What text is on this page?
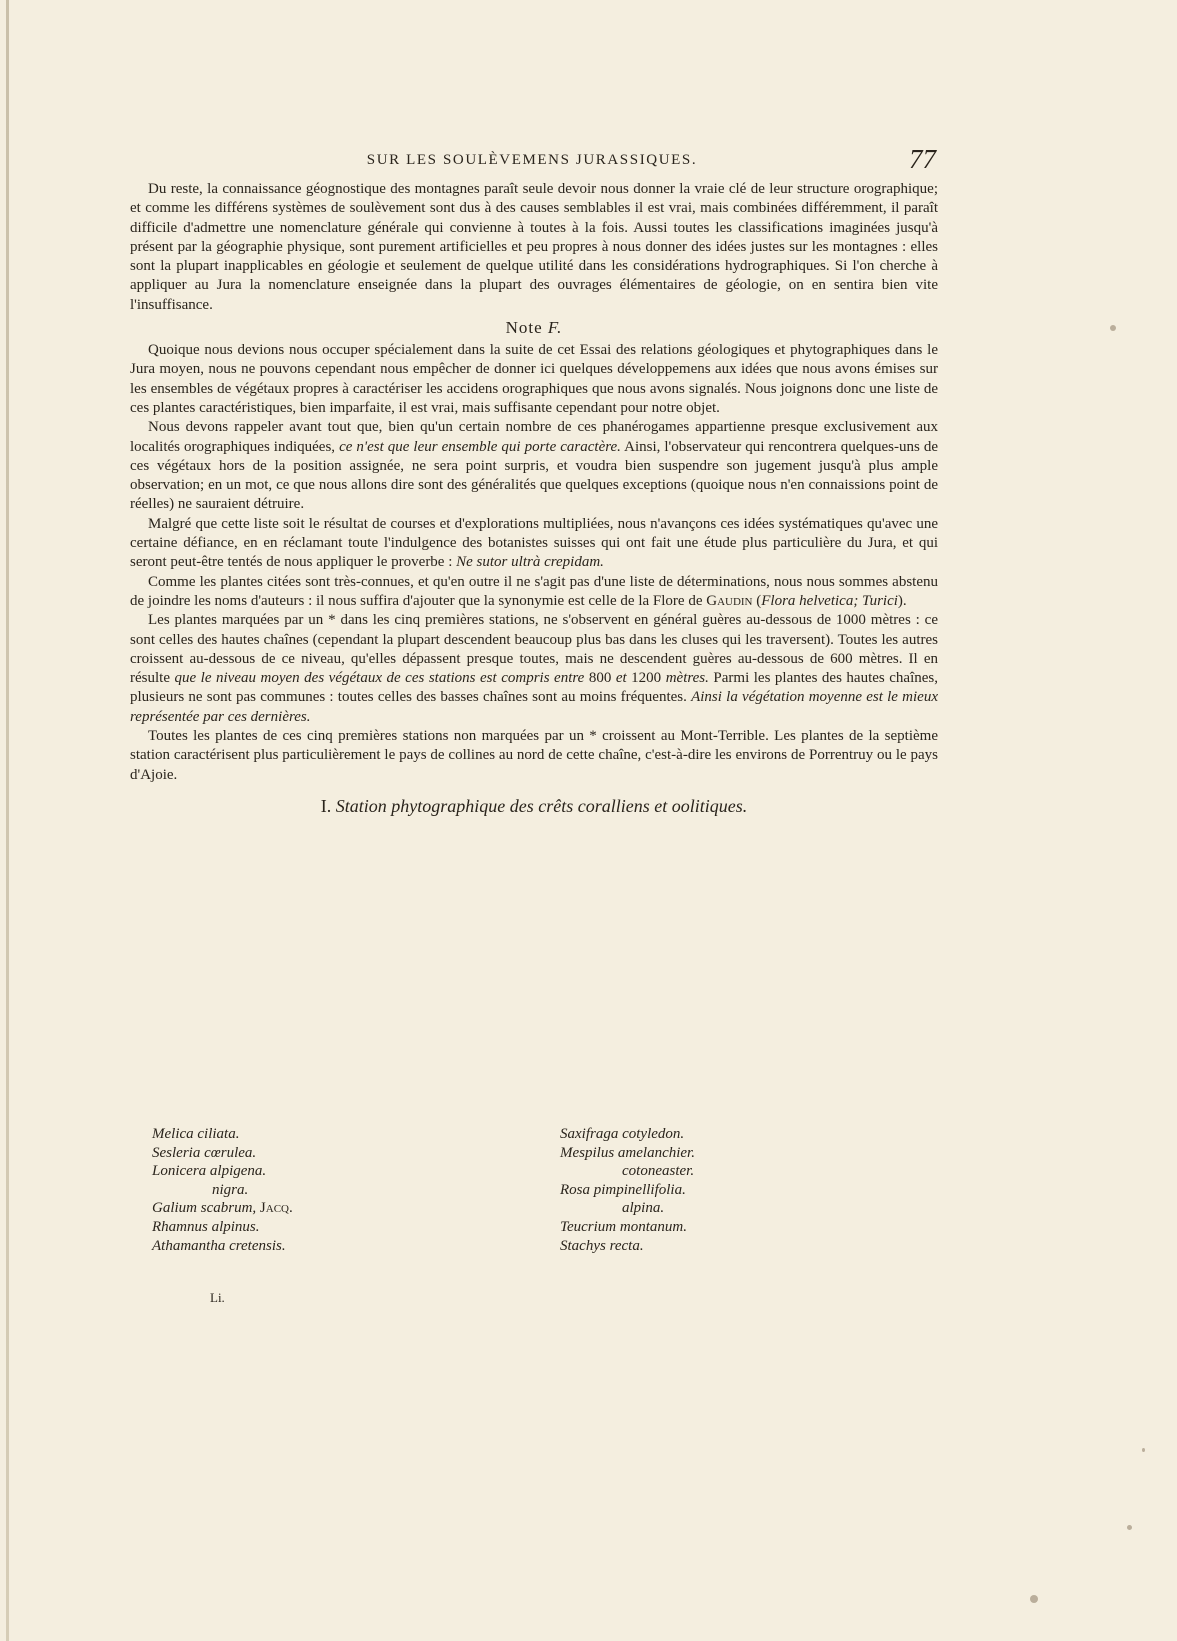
SUR LES SOULÈVEMENS JURASSIQUES.	77

Du reste, la connaissance géognostique des montagnes paraît seule devoir nous donner la vraie clé de leur structure orographique; et comme les différens systèmes de soulèvement sont dus à des causes semblables il est vrai, mais combinées différemment, il paraît difficile d'admettre une nomenclature générale qui convienne à toutes à la fois. Aussi toutes les classifications imaginées jusqu'à présent par la géographie physique, sont purement artificielles et peu propres à nous donner des idées justes sur les montagnes : elles sont la plupart inapplicables en géologie et seulement de quelque utilité dans les considérations hydrographiques. Si l'on cherche à appliquer au Jura la nomenclature enseignée dans la plupart des ouvrages élémentaires de géologie, on en sentira bien vite l'insuffisance.

Note F.

Quoique nous devions nous occuper spécialement dans la suite de cet Essai des relations géologiques et phytographiques dans le Jura moyen, nous ne pouvons cependant nous empêcher de donner ici quelques développemens aux idées que nous avons émises sur les ensembles de végétaux propres à caractériser les accidens orographiques que nous avons signalés. Nous joignons donc une liste de ces plantes caractéristiques, bien imparfaite, il est vrai, mais suffisante cependant pour notre objet.

Nous devons rappeler avant tout que, bien qu'un certain nombre de ces phanérogames appartienne presque exclusivement aux localités orographiques indiquées, ce n'est que leur ensemble qui porte caractère. Ainsi, l'observateur qui rencontrera quelques-uns de ces végétaux hors de la position assignée, ne sera point surpris, et voudra bien suspendre son jugement jusqu'à plus ample observation; en un mot, ce que nous allons dire sont des généralités que quelques exceptions (quoique nous n'en connaissions point de réelles) ne sauraient détruire.

Malgré que cette liste soit le résultat de courses et d'explorations multipliées, nous n'avançons ces idées systématiques qu'avec une certaine défiance, en en réclamant toute l'indulgence des botanistes suisses qui ont fait une étude plus particulière du Jura, et qui seront peut-être tentés de nous appliquer le proverbe : Ne sutor ultrà crepidam.

Comme les plantes citées sont très-connues, et qu'en outre il ne s'agit pas d'une liste de déterminations, nous nous sommes abstenu de joindre les noms d'auteurs : il nous suffira d'ajouter que la synonymie est celle de la Flore de Gaudin (Flora helvetica; Turici).

Les plantes marquées par un * dans les cinq premières stations, ne s'observent en général guères au-dessous de 1000 mètres : ce sont celles des hautes chaînes (cependant la plupart descendent beaucoup plus bas dans les cluses qui les traversent). Toutes les autres croissent au-dessous de ce niveau, qu'elles dépassent presque toutes, mais ne descendent guères au-dessous de 600 mètres. Il en résulte que le niveau moyen des végétaux de ces stations est compris entre 800 et 1200 mètres. Parmi les plantes des hautes chaînes, plusieurs ne sont pas communes : toutes celles des basses chaînes sont au moins fréquentes. Ainsi la végétation moyenne est le mieux représentée par ces dernières.

Toutes les plantes de ces cinq premières stations non marquées par un * croissent au Mont-Terrible. Les plantes de la septième station caractérisent plus particulièrement le pays de collines au nord de cette chaîne, c'est-à-dire les environs de Porrentruy ou le pays d'Ajoie.

I. Station phytographique des crêts coralliens et oolitiques.
Melica ciliata.
Sesleria cœrulea.
Lonicera alpigena.
nigra.
Galium scabrum, Jacq.
Rhamnus alpinus.
Athamantha cretensis.
Saxifraga cotyledon.
Mespilus amelanchier.
cotoneaster.
Rosa pimpinellifolia.
alpina.
Teucrium montanum.
Stachys recta.
Li.
